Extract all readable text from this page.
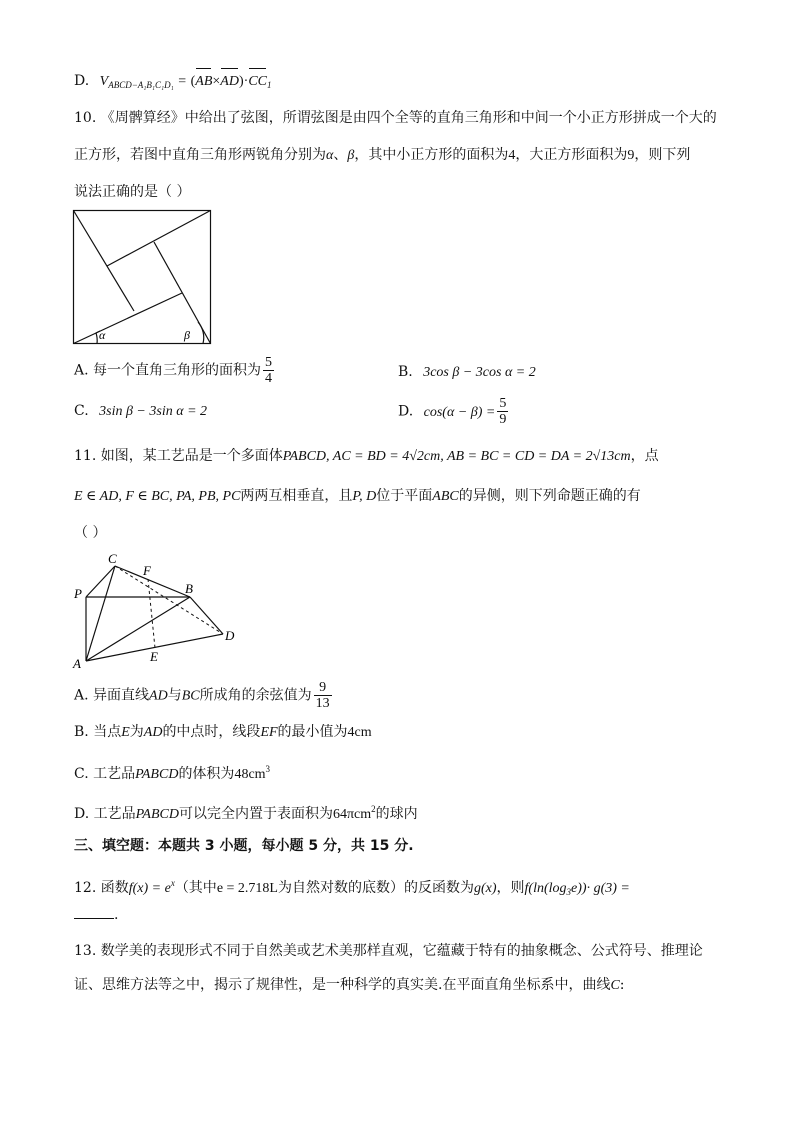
D. $V_{ABCD-A_1B_1C_1D_1} = (AB\times AD)\cdot CC_1$
10. 《周髀算经》中给出了弦图，所谓弦图是由四个全等的直角三角形和中间一个小正方形拼成一个大的
正方形，若图中直角三角形两锐角分别为α、β，其中小正方形的面积为4，大正方形面积为9，则下列
说法正确的是（ ）
α	β
A. 每一个直角三角形的面积为 $\frac{5}{4}$	B. 3cos β − 3cos α = 2
C. 3sin β − 3sin α = 2	D. $\cos(\alpha - \beta) = \frac{5}{9}$
11. 如图，某工艺品是一个多面体PABCD, AC = BD = 4√2cm, AB = BC = CD = DA = 2√13cm，点
E ∈ AD, F ∈ BC, PA, PB, PC两两互相垂直，且P, D位于平面ABC的异侧，则下列命题正确的有
（ ）
C
F
P	B
D
A	E
A. 异面直线AD与BC所成角的余弦值为 $\frac{9}{13}$
B. 当点E为AD的中点时，线段EF的最小值为4cm
C. 工艺品PABCD的体积为$48cm^3$
D. 工艺品PABCD可以完全内置于表面积为64πcm$^2$的球内
三、填空题：本题共 3 小题，每小题 5 分，共 15 分.
12. 函数$f(x) = e^x$（其中e = 2.718L为自然对数的底数）的反函数为g(x)，则$f(\ln(\log_3e))\cdot g(3)$ =
.
13. 数学美的表现形式不同于自然美或艺术美那样直观，它蕴藏于特有的抽象概念、公式符号、推理论
证、思维方法等之中，揭示了规律性，是一种科学的真实美.在平面直角坐标系中，曲线C:
